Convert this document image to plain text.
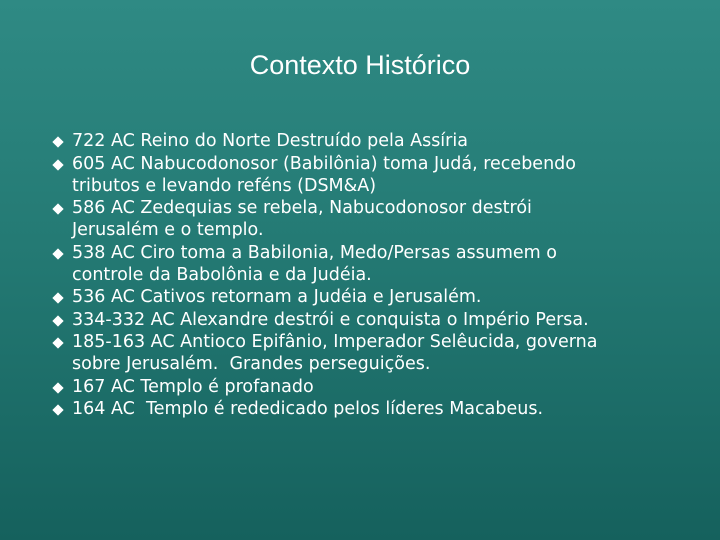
Contexto Histórico
722 AC Reino do Norte Destruído pela Assíria
605 AC Nabucodonosor (Babilônia) toma Judá, recebendo
tributos e levando reféns (DSM&A)
586 AC Zedequias se rebela, Nabucodonosor destrói
Jerusalém e o templo.
538 AC Ciro toma a Babilonia, Medo/Persas assumem o
controle da Babolônia e da Judéia.
536 AC Cativos retornam a Judéia e Jerusalém.
334-332 AC Alexandre destrói e conquista o Império Persa.
185-163 AC Antioco Epifânio, Imperador Selêucida, governa
sobre Jerusalém.  Grandes perseguições.
167 AC Templo é profanado
164 AC  Templo é rededicado pelos líderes Macabeus.
